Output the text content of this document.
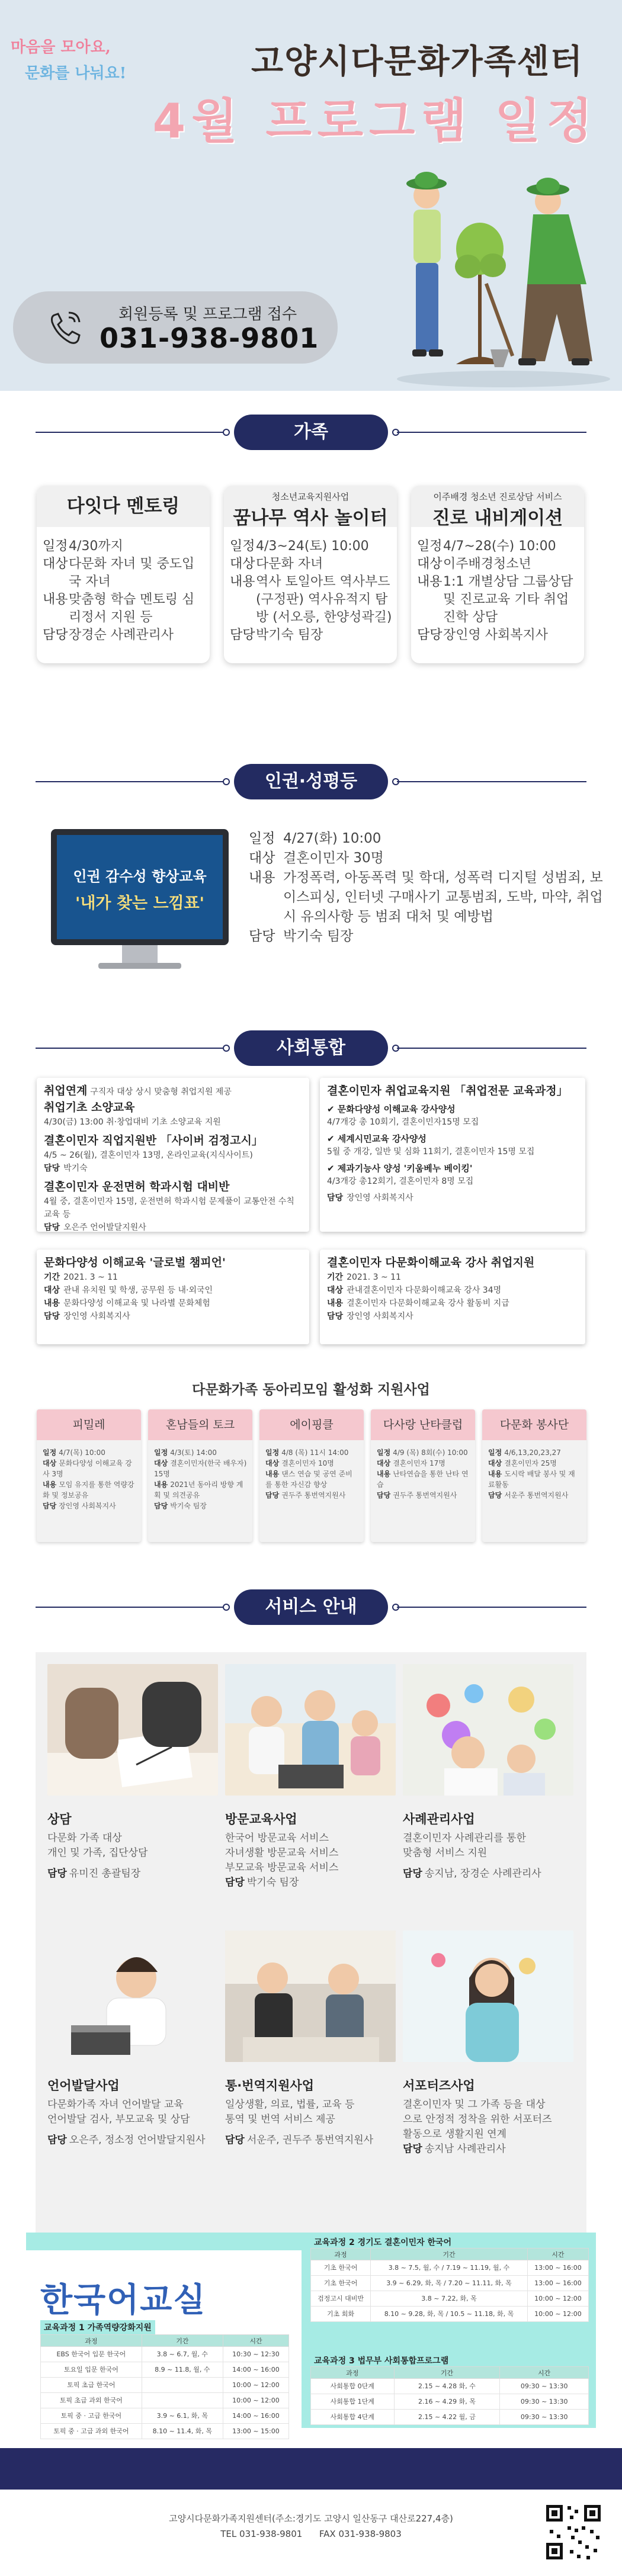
마음을 모아요,
문화를 나눠요!	고양시다문화가족센터
4월 프로그램 일정
회원등록 및 프로그램 접수
031-938-9801
가족
다잇다 멘토링
일정 4/30까지
대상 다문화 자녀 및 중도입국 자녀
내용 맞춤형 학습 멘토링 심리정서 지원 등
담당 장경순 사례관리사
청소년교육지원사업
꿈나무 역사 놀이터
일정 4/3~24(토) 10:00
대상 다문화 자녀
내용 역사 토일아트 역사부드(구정판) 역사유적지 탐방 (서오릉, 한양성곽길)
담당 박기숙 팀장
이주배경 청소년 진로상담 서비스
진로 내비게이션
일정 4/7~28(수) 10:00
대상 이주배경청소년
내용 1:1 개별상담 그룹상담 및 진로교육 기타 취업 진학 상담
담당 장인영 사회복지사
인권·성평등
인권 감수성 향상교육
'내가 찾는 느낌표'
일정 4/27(화) 10:00
대상 결혼이민자 30명
내용 가정폭력, 아동폭력 및 학대, 성폭력 디지털 성범죄, 보이스피싱, 인터넷 구매사기 교통범죄, 도박, 마약, 취업시 유의사항 등 범죄 대처 및 예방법
담당 박기숙 팀장
사회통합
취업연계 구직자 대상 상시 맞춤형 취업지원 제공
취업기초 소양교육
4/30(금) 13:00 취·창업대비 기초 소양교육 지원
결혼이민자 직업지원반 「사이버 검정고시」
4/5 ~ 26(월), 결혼이민자 13명, 온라인교육(지식사이트)
담당 박기숙
결혼이민자 운전면허 학과시험 대비반
4월 중, 결혼이민자 15명, 운전면허 학과시험 문제풀이 교통안전 수칙 교육 등
담당 오은주 언어발달지원사
결혼이민자 취업교육지원 「취업전문 교육과정」
✔ 문화다양성 이해교육 강사양성
4/7개강 총 10회기, 결혼이민자15명 모집
✔ 세계시민교육 강사양성
5월 중 개강, 일반 및 심화 11회기, 결혼이민자 15명 모집
✔ 제과기능사 양성 '키움베누 베이킹'
4/3개강 총12회기, 결혼이민자 8명 모집
담당 장인영 사회복지사
문화다양성 이해교육 '글로벌 챔피언'
기간 2021. 3 ~ 11
대상 관내 유치원 및 학생, 공무원 등 내·외국인
내용 문화다양성 이해교육 및 나라별 문화체험
담당 장인영 사회복지사
결혼이민자 다문화이해교육 강사 취업지원
기간 2021. 3 ~ 11
대상 관내결혼이민자 다문화이해교육 강사 34명
내용 결혼이민자 다문화이해교육 강사 활동비 지급
담당 장인영 사회복지사
다문화가족 동아리모임 활성화 지원사업
피밀레
일정 4/7(목) 10:00
대상 문화다양성 이해교육 강사 3명
내용 모임 유지를 통한 역량강화 및 정보공유
담당 장인영 사회복지사
혼남들의 토크
일정 4/3(토) 14:00
대상 결혼이민자(한국 배우자) 15명
내용 2021년 동아리 방향 계획 및 의견공유
담당 박기숙 팀장
에이핑클
일정 4/8 (목) 11시 14:00
대상 결혼이민자 10명
내용 댄스 연습 및 공연 준비를 통한 자신감 향상
담당 권두주 통번역지원사
다사랑 난타클럽
일정 4/9 (목) 8회(수) 10:00
대상 결혼이민자 17명
내용 난타연습을 통한 난타 연습
담당 권두주 통번역지원사
다문화 봉사단
일정 4/6,13,20,23,27
대상 결혼이민자 25명
내용 도시락 배달 봉사 및 재료활동
담당 서운주 통번역지원사
서비스 안내
상담
다문화 가족 대상
개인 및 가족, 집단상담
담당 유미진 총괄팀장
방문교육사업
한국어 방문교육 서비스
자녀생활 방문교육 서비스
부모교육 방문교육 서비스
담당 박기숙 팀장
사례관리사업
결혼이민자 사례관리를 통한
맞춤형 서비스 지원
담당 송지남, 장경순 사례관리사
언어발달사업
다문화가족 자녀 언어발달 교육
언어발달 검사, 부모교육 및 상담
담당 오은주, 정소정 언어발달지원사
통·번역지원사업
일상생활, 의료, 법률, 교육 등
통역 및 번역 서비스 제공
담당 서운주, 권두주 통번역지원사
서포터즈사업
결혼이민자 및 그 가족 등을 대상
으로 안정적 정착을 위한 서포터즈
활동으로 생활지원 연계
담당 송지남 사례관리사
한국어교실
교육과정 1 가족역량강화지원
과정	기간	시간
EBS 한국어 입문 한국어	3.8 ~ 6.7, 월, 수	10:30 ~ 12:30
토요일 입문 한국어	8.9 ~ 11.8, 월, 수	14:00 ~ 16:00
토픽 초급 한국어		10:00 ~ 12:00
토픽 초급 과외 한국어		10:00 ~ 12:00
토픽 중 · 고급 한국어	3.9 ~ 6.1, 화, 목	14:00 ~ 16:00
토픽 중 · 고급 과외 한국어	8.10 ~ 11.4, 화, 목	13:00 ~ 15:00
교육과정 2 경기도 결혼이민자 한국어
과정	기간	시간
기초 한국어	3.8 ~ 7.5, 월, 수 / 7.19 ~ 11.19, 월, 수	13:00 ~ 16:00
기초 한국어	3.9 ~ 6.29, 화, 목 / 7.20 ~ 11.11, 화, 목	13:00 ~ 16:00
검정고시 대비반	3.8 ~ 7.22, 화, 목	10:00 ~ 12:00
기초 회화	8.10 ~ 9.28, 화, 목 / 10.5 ~ 11.18, 화, 목	10:00 ~ 12:00
교육과정 3 법무부 사회통합프로그램
과정	기간	시간
사회통합 0단계	2.15 ~ 4.28 화, 수	09:30 ~ 13:30
사회통합 1단계	2.16 ~ 4.29 화, 목	09:30 ~ 13:30
사회통합 4단계	2.15 ~ 4.22 월, 금	09:30 ~ 13:30
고양시다문화가족지원센터(주소:경기도 고양시 일산동구 대산로227,4층)
TEL 031-938-9801 FAX 031-938-9803
